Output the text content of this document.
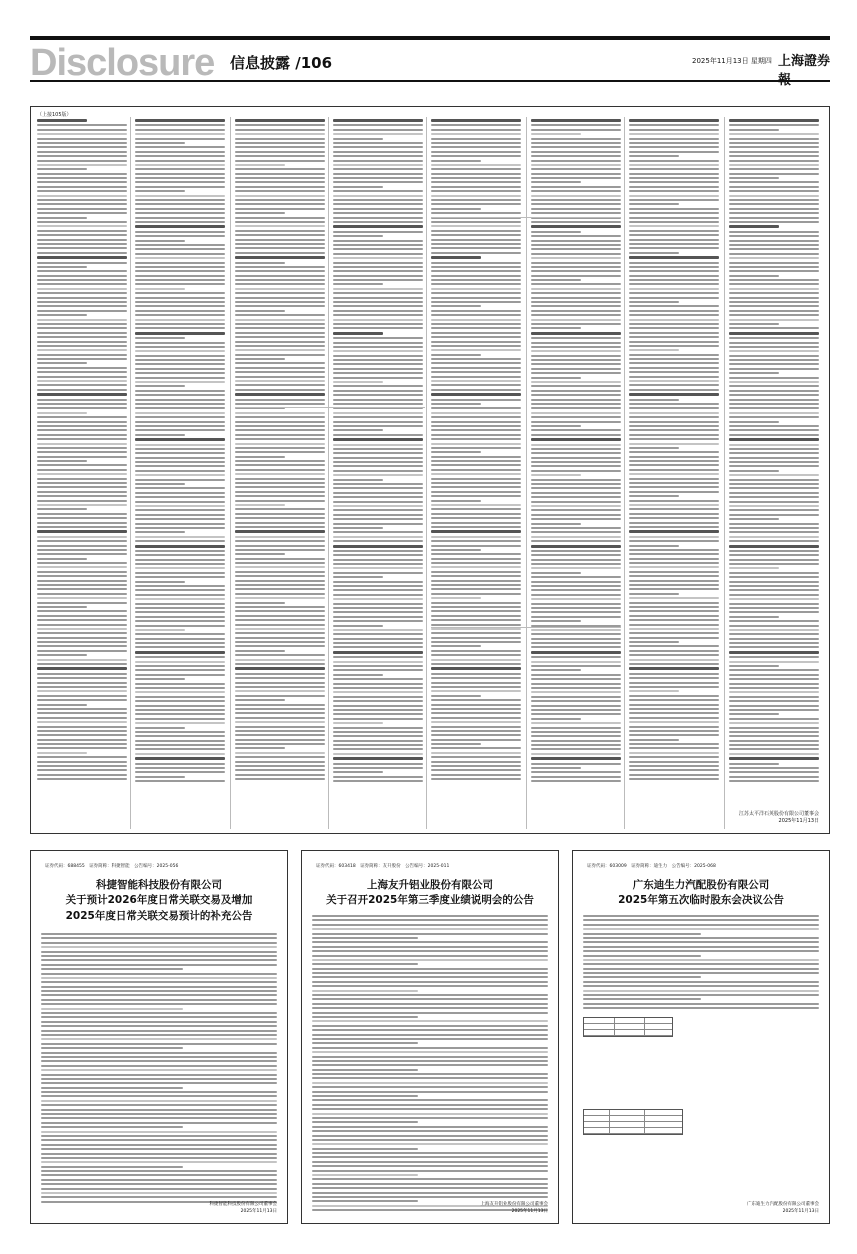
Disclosure 信息披露 /106	2025年11月13日 星期四 上海證券報
（上接105版）
江苏太平洋石英股份有限公司董事会
2025年11月13日
证券代码：688455　证券简称：科捷智能　公告编号：2025-056
科捷智能科技股份有限公司
关于预计2026年度日常关联交易及增加
2025年度日常关联交易预计的补充公告
科捷智能科技股份有限公司董事会
2025年11月13日
证券代码：603418　证券简称：友升股份　公告编号：2025-011
上海友升铝业股份有限公司
关于召开2025年第三季度业绩说明会的公告
上海友升铝业股份有限公司董事会
2025年11月13日
证券代码：603009　证券简称：迪生力　公告编号：2025-068
广东迪生力汽配股份有限公司
2025年第五次临时股东会决议公告
广东迪生力汽配股份有限公司董事会
2025年11月13日
